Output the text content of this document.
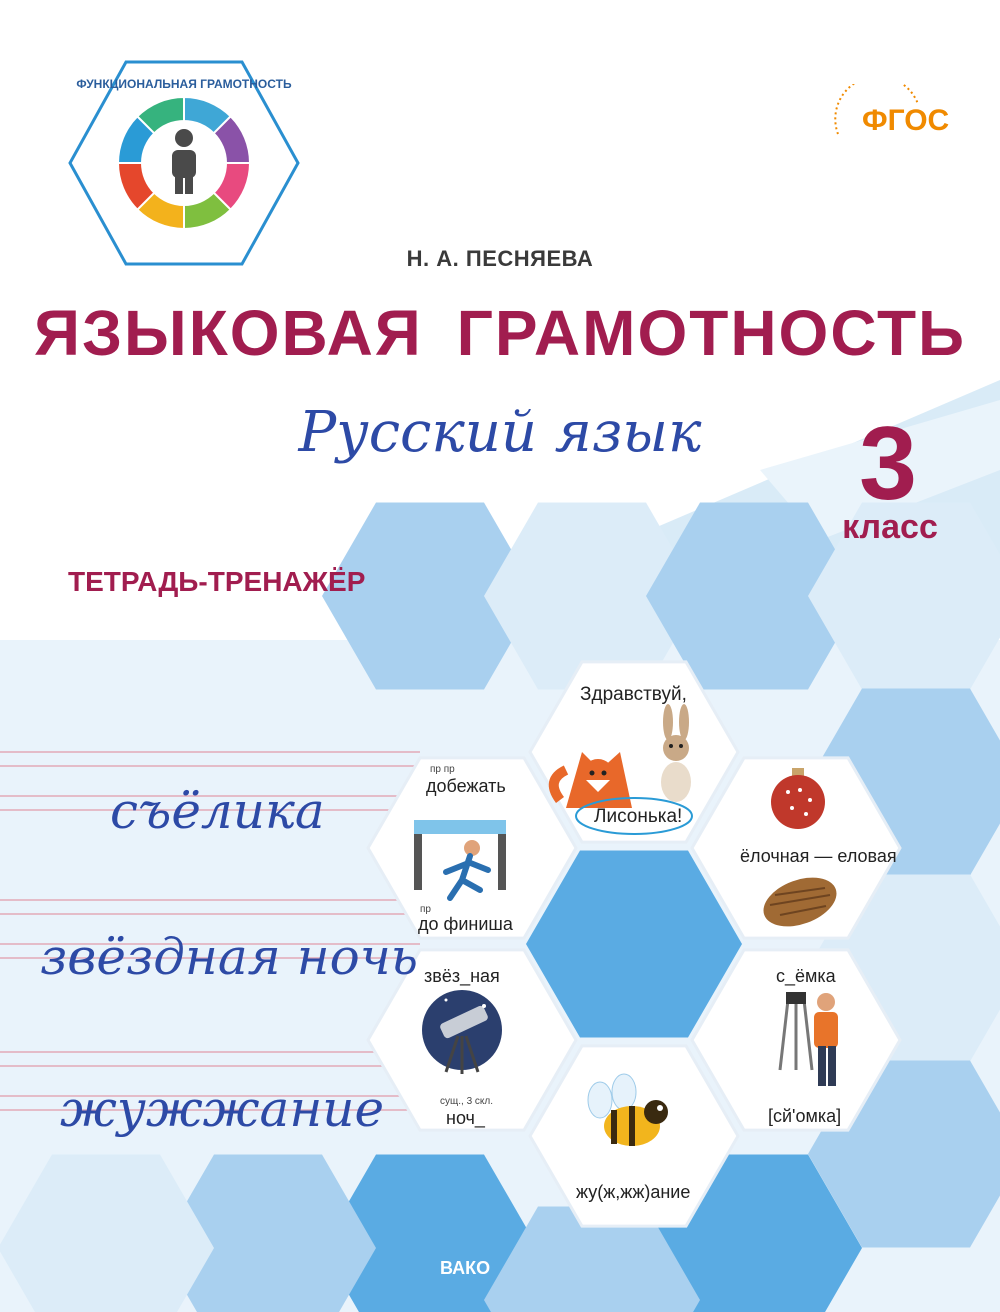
ФУНКЦИОНАЛЬНАЯ ГРАМОТНОСТЬ
ФГОС
Н. А. ПЕСНЯЕВА
ЯЗЫКОВАЯ ГРАМОТНОСТЬ
Русский язык	3
класс
ТЕТРАДЬ-ТРЕНАЖЁР
съёлика
звёздная ночь
жужжание
Здравствуй,
Лисонька!
пр пр
добежать
пр
до финиша
ёлочная — еловая
звёз_ная
сущ., 3 скл.
ноч_
с_ёмка
[сй'омка]
жу(ж,жж)ание
ВАКО
